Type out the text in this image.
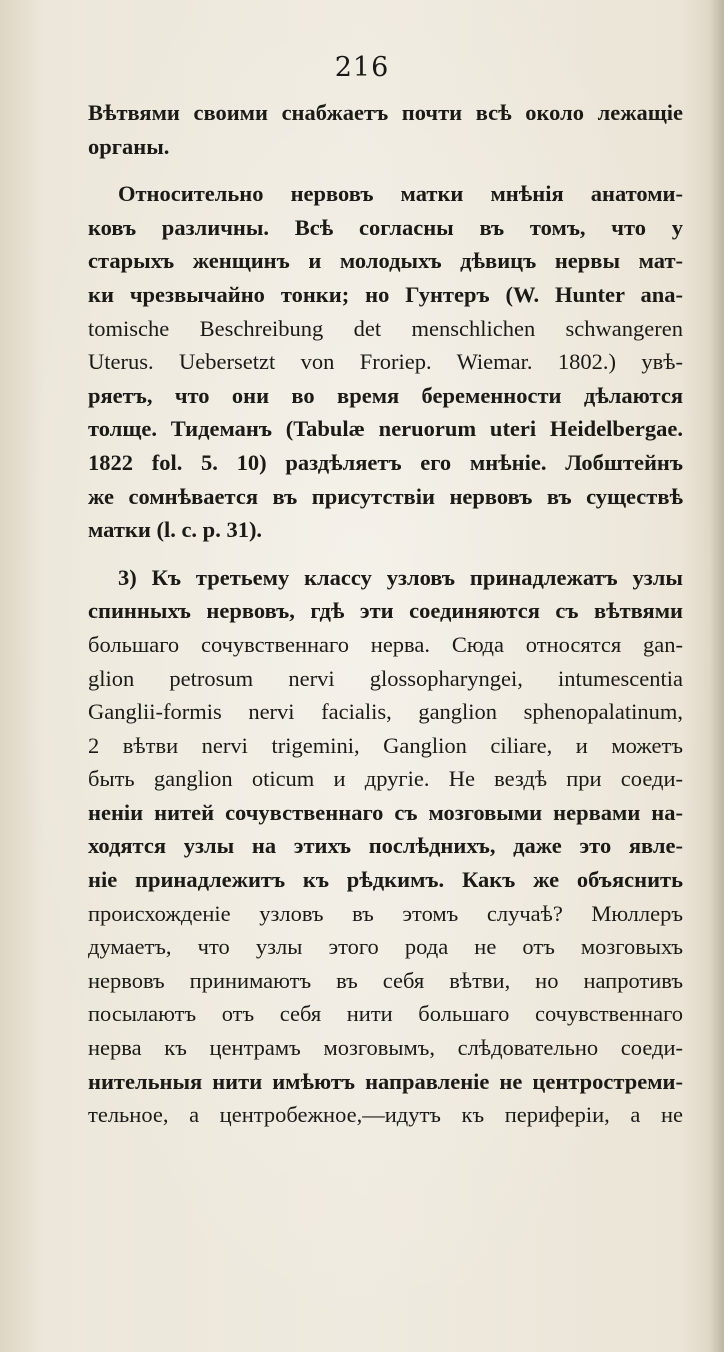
216
Вѣтвями своими снабжаетъ почти всѣ около лежащіе
органы.
Относительно нервовъ матки мнѣнія анатоми-
ковъ различны. Всѣ согласны въ томъ, что у
старыхъ женщинъ и молодыхъ дѣвицъ нервы мат-
ки чрезвычайно тонки; но Гунтеръ (W. Hunter ana-
tomische Beschreibung det menschlichen schwangeren
Uterus. Uebersetzt von Froriep. Wiemar. 1802.) увѣ-
ряетъ, что они во время беременности дѣлаются
толще. Тидеманъ (Tabulæ neruorum uteri Heidelbergae.
1822 fol. 5. 10) раздѣляетъ его мнѣніе. Лобштейнъ
же сомнѣвается въ присутствіи нервовъ въ существѣ
матки (l. c. p. 31).
3) Къ третьему классу узловъ принадлежатъ узлы
спинныхъ нервовъ, гдѣ эти соединяются съ вѣтвями
большаго сочувственнаго нерва. Сюда относятся gan-
glion petrosum nervi glossopharyngei, intumescentia
Ganglii-formis nervi facialis, ganglion sphenopalatinum,
2 вѣтви nervi trigemini, Ganglion ciliare, и можетъ
быть ganglion oticum и другіе. Не вездѣ при соеди-
неніи нитей сочувственнаго съ мозговыми нервами на-
ходятся узлы на этихъ послѣднихъ, даже это явле-
ніе принадлежитъ къ рѣдкимъ. Какъ же объяснить
происхожденіе узловъ въ этомъ случаѣ? Мюллеръ
думаетъ, что узлы этого рода не отъ мозговыхъ
нервовъ принимаютъ въ себя вѣтви, но напротивъ
посылаютъ отъ себя нити большаго сочувственнаго
нерва къ центрамъ мозговымъ, слѣдовательно соеди-
нительныя нити имѣютъ направленіе не центростреми-
тельное, а центробежное,—идутъ къ периферіи, а не
